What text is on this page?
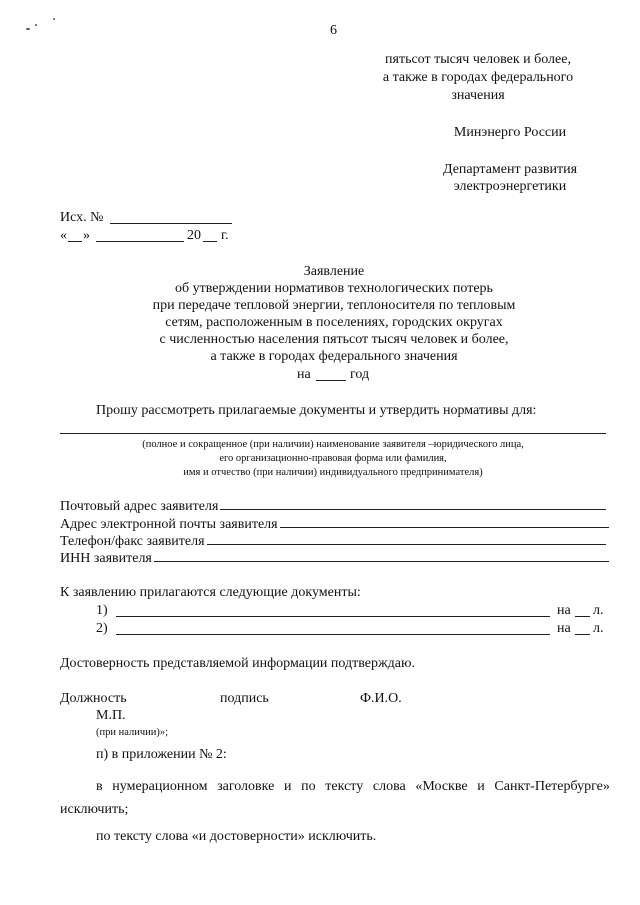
6
пятьсот тысяч человек и более,
а также в городах федерального
значения
Минэнерго России
Департамент развития
электроэнергетики
Исх. №
« »	20 г.
Заявление
об утверждении нормативов технологических потерь
при передаче тепловой энергии, теплоносителя по тепловым
сетям, расположенным в поселениях, городских округах
с численностью населения пятьсот тысяч человек и более,
а также в городах федерального значения
на	год
Прошу рассмотреть прилагаемые документы и утвердить нормативы для:
(полное и сокращенное (при наличии) наименование заявителя –юридического лица,
его организационно-правовая форма или фамилия,
имя и отчество (при наличии) индивидуального предпринимателя)
Почтовый адрес заявителя
Адрес электронной почты заявителя
Телефон/факс заявителя
ИНН заявителя
К заявлению прилагаются следующие документы:
1)	на л.
2)	на л.
Достоверность представляемой информации подтверждаю.
Должность	подпись	Ф.И.О.
М.П.
(при наличии)»;
п) в приложении № 2:
в нумерационном заголовке и по тексту слова «Москве и Санкт-Петербурге»
исключить;
по тексту слова «и достоверности» исключить.
